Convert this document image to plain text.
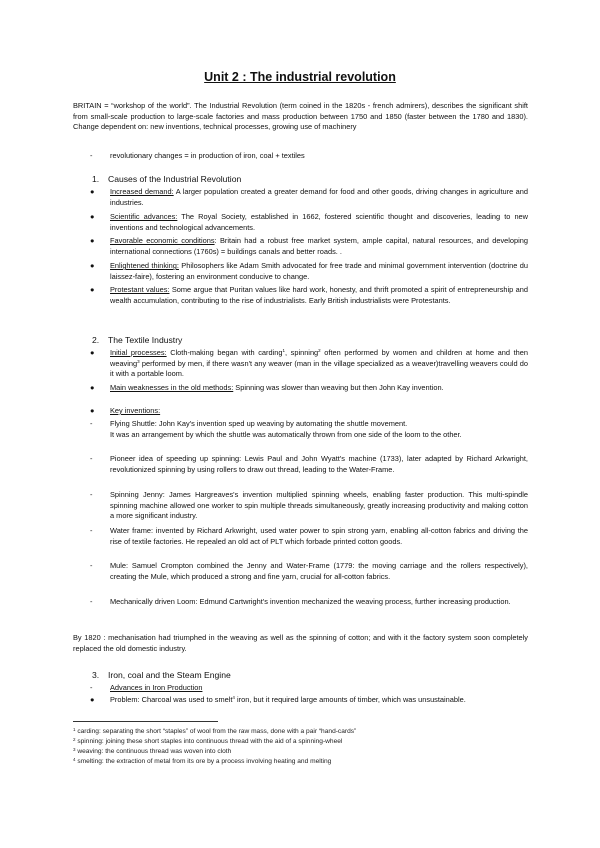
Unit 2 : The industrial revolution
BRITAIN = “workshop of the world”. The Industrial Revolution (term coined in the 1820s - french admirers), describes the significant shift from small-scale production to large-scale factories and mass production between 1750 and 1850 (faster between the 1780 and 1830). Change dependent on: new inventions, technical processes, growing use of machinery
-	revolutionary changes = in production of iron, coal + textiles
1. Causes of the Industrial Revolution
●	Increased demand: A larger population created a greater demand for food and other goods, driving changes in agriculture and industries.
●	Scientific advances: The Royal Society, established in 1662, fostered scientific thought and discoveries, leading to new inventions and technological advancements.
●	Favorable economic conditions: Britain had a robust free market system, ample capital, natural resources, and developing international connections (1760s) = buildings canals and better roads. .
●	Enlightened thinking: Philosophers like Adam Smith advocated for free trade and minimal government intervention (doctrine du laissez-faire), fostering an environment conducive to change.
●	Protestant values: Some argue that Puritan values like hard work, honesty, and thrift promoted a spirit of entrepreneurship and wealth accumulation, contributing to the rise of industrialists. Early British industrialists were Protestants.
2. The Textile Industry
●	Initial processes: Cloth-making began with carding$^1$, spinning$^2$ often performed by women and children at home and then weaving$^3$ performed by men, if there wasn't any weaver (man in the village specialized as a weaver)travelling weavers could do it with a portable loom.
●	Main weaknesses in the old methods: Spinning was slower than weaving but then John Kay invention.
●	Key inventions:
-	Flying Shuttle: John Kay's invention sped up weaving by automating the shuttle movement.
It was an arrangement by which the shuttle was automatically thrown from one side of the loom to the other.
-	Pioneer idea of speeding up spinning: Lewis Paul and John Wyatt's machine (1733), later adapted by Richard Arkwright, revolutionized spinning by using rollers to draw out thread, leading to the Water-Frame.
-	Spinning Jenny: James Hargreaves's invention multiplied spinning wheels, enabling faster production. This multi-spindle spinning machine allowed one worker to spin multiple threads simultaneously, greatly increasing productivity and making cotton a more significant industry.
-	Water frame: invented by Richard Arkwright, used water power to spin strong yarn, enabling all-cotton fabrics and driving the rise of textile factories. He repealed an old act of PLT which forbade printed cotton goods.
-	Mule: Samuel Crompton combined the Jenny and Water-Frame (1779: the moving carriage and the rollers respectively), creating the Mule, which produced a strong and fine yarn, crucial for all-cotton fabrics.
-	Mechanically driven Loom: Edmund Cartwright's invention mechanized the weaving process, further increasing production.
By 1820 : mechanisation had triumphed in the weaving as well as the spinning of cotton; and with it the factory system soon completely replaced the old domestic industry.
3. Iron, coal and the Steam Engine
-	Advances in Iron Production
●	Problem: Charcoal was used to smelt$^4$ iron, but it required large amounts of timber, which was unsustainable.
$^1$ carding: separating the short “staples” of wool from the raw mass, done with a pair “hand-cards”
$^2$ spinning: joining these short staples into continuous thread with the aid of a spinning-wheel
$^3$ weaving: the continuous thread was woven into cloth
$^4$ smelting: the extraction of metal from its ore by a process involving heating and melting
